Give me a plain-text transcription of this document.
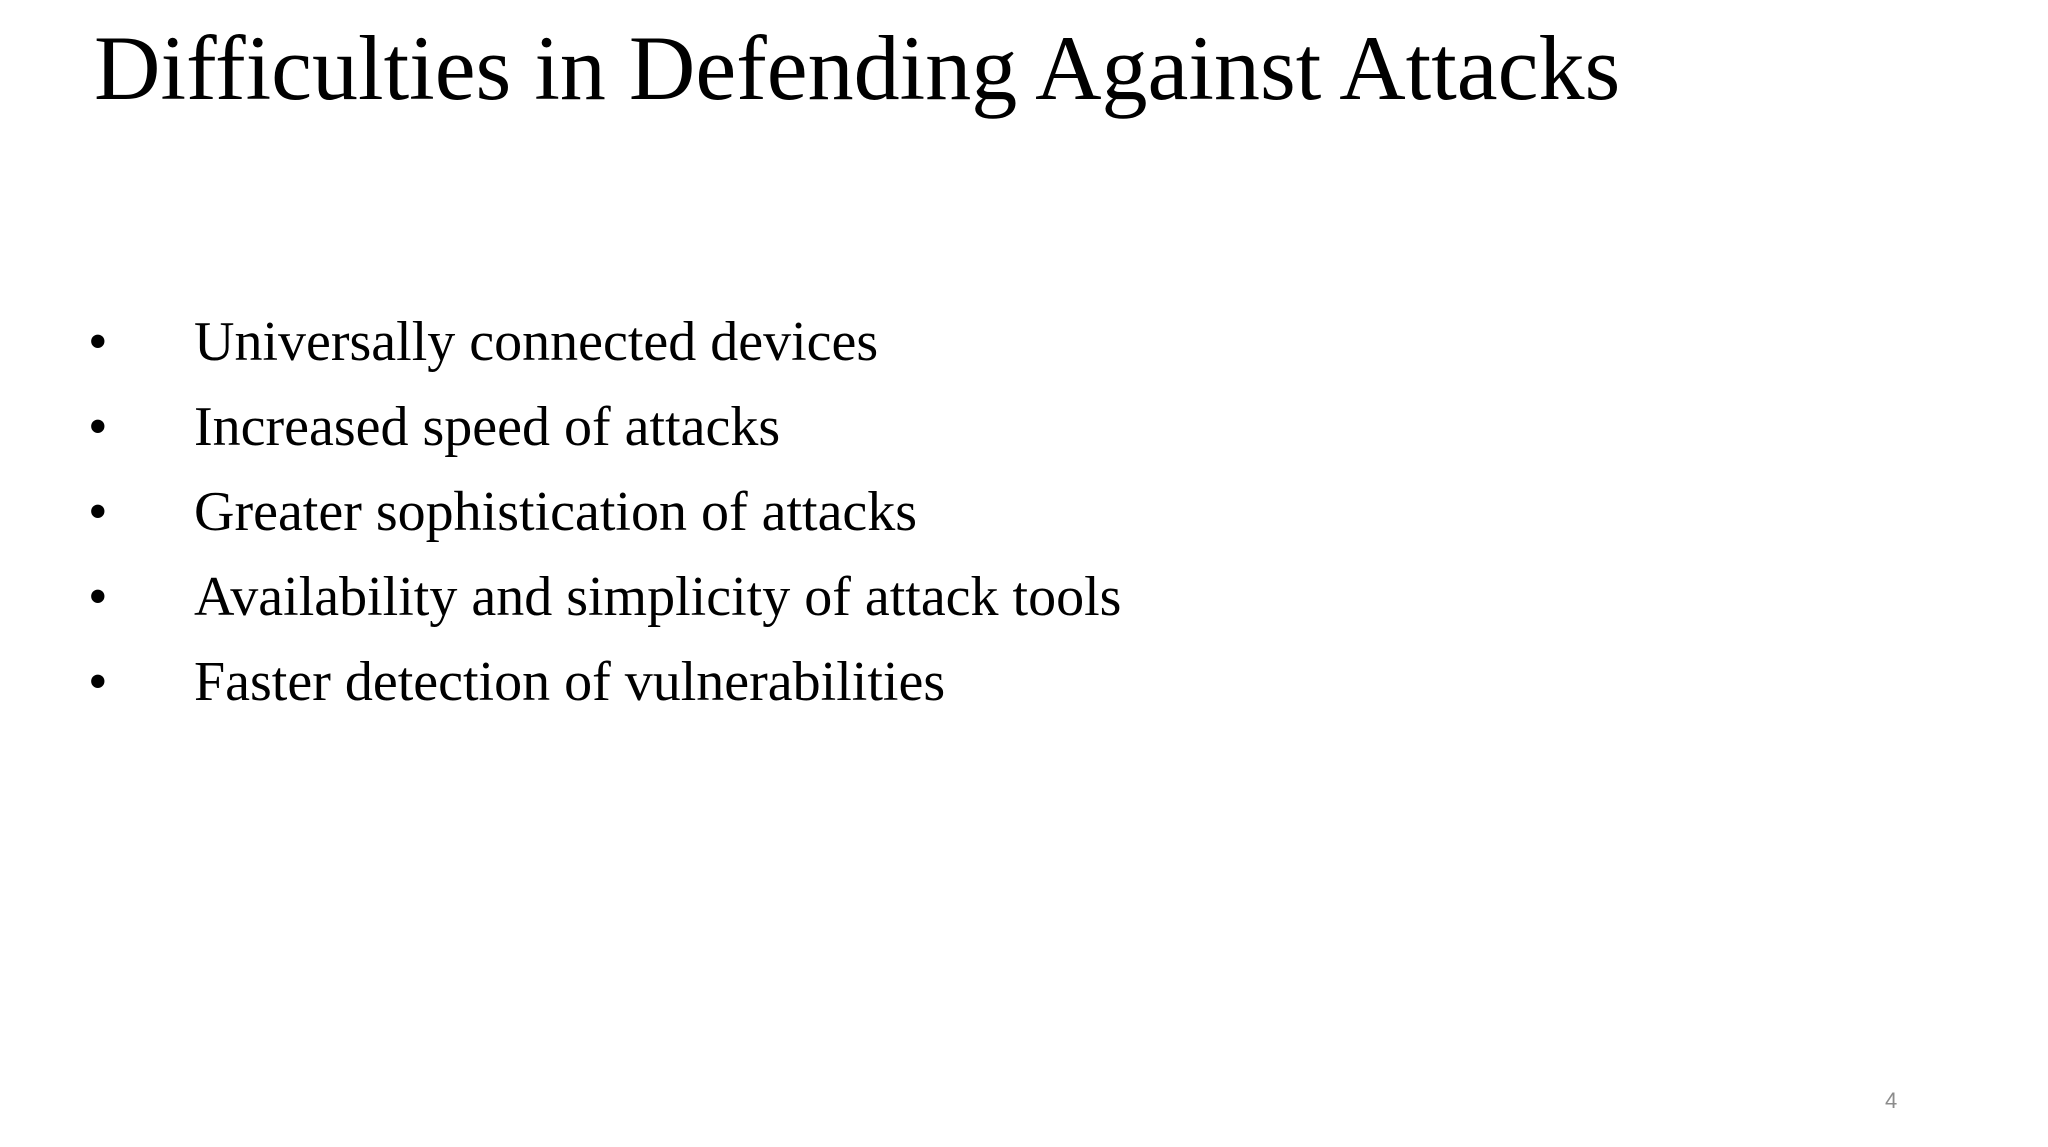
Difficulties in Defending Against Attacks
•	Universally connected devices
•	Increased speed of attacks
•	Greater sophistication of attacks
•	Availability and simplicity of attack tools
•	Faster detection of vulnerabilities
4
